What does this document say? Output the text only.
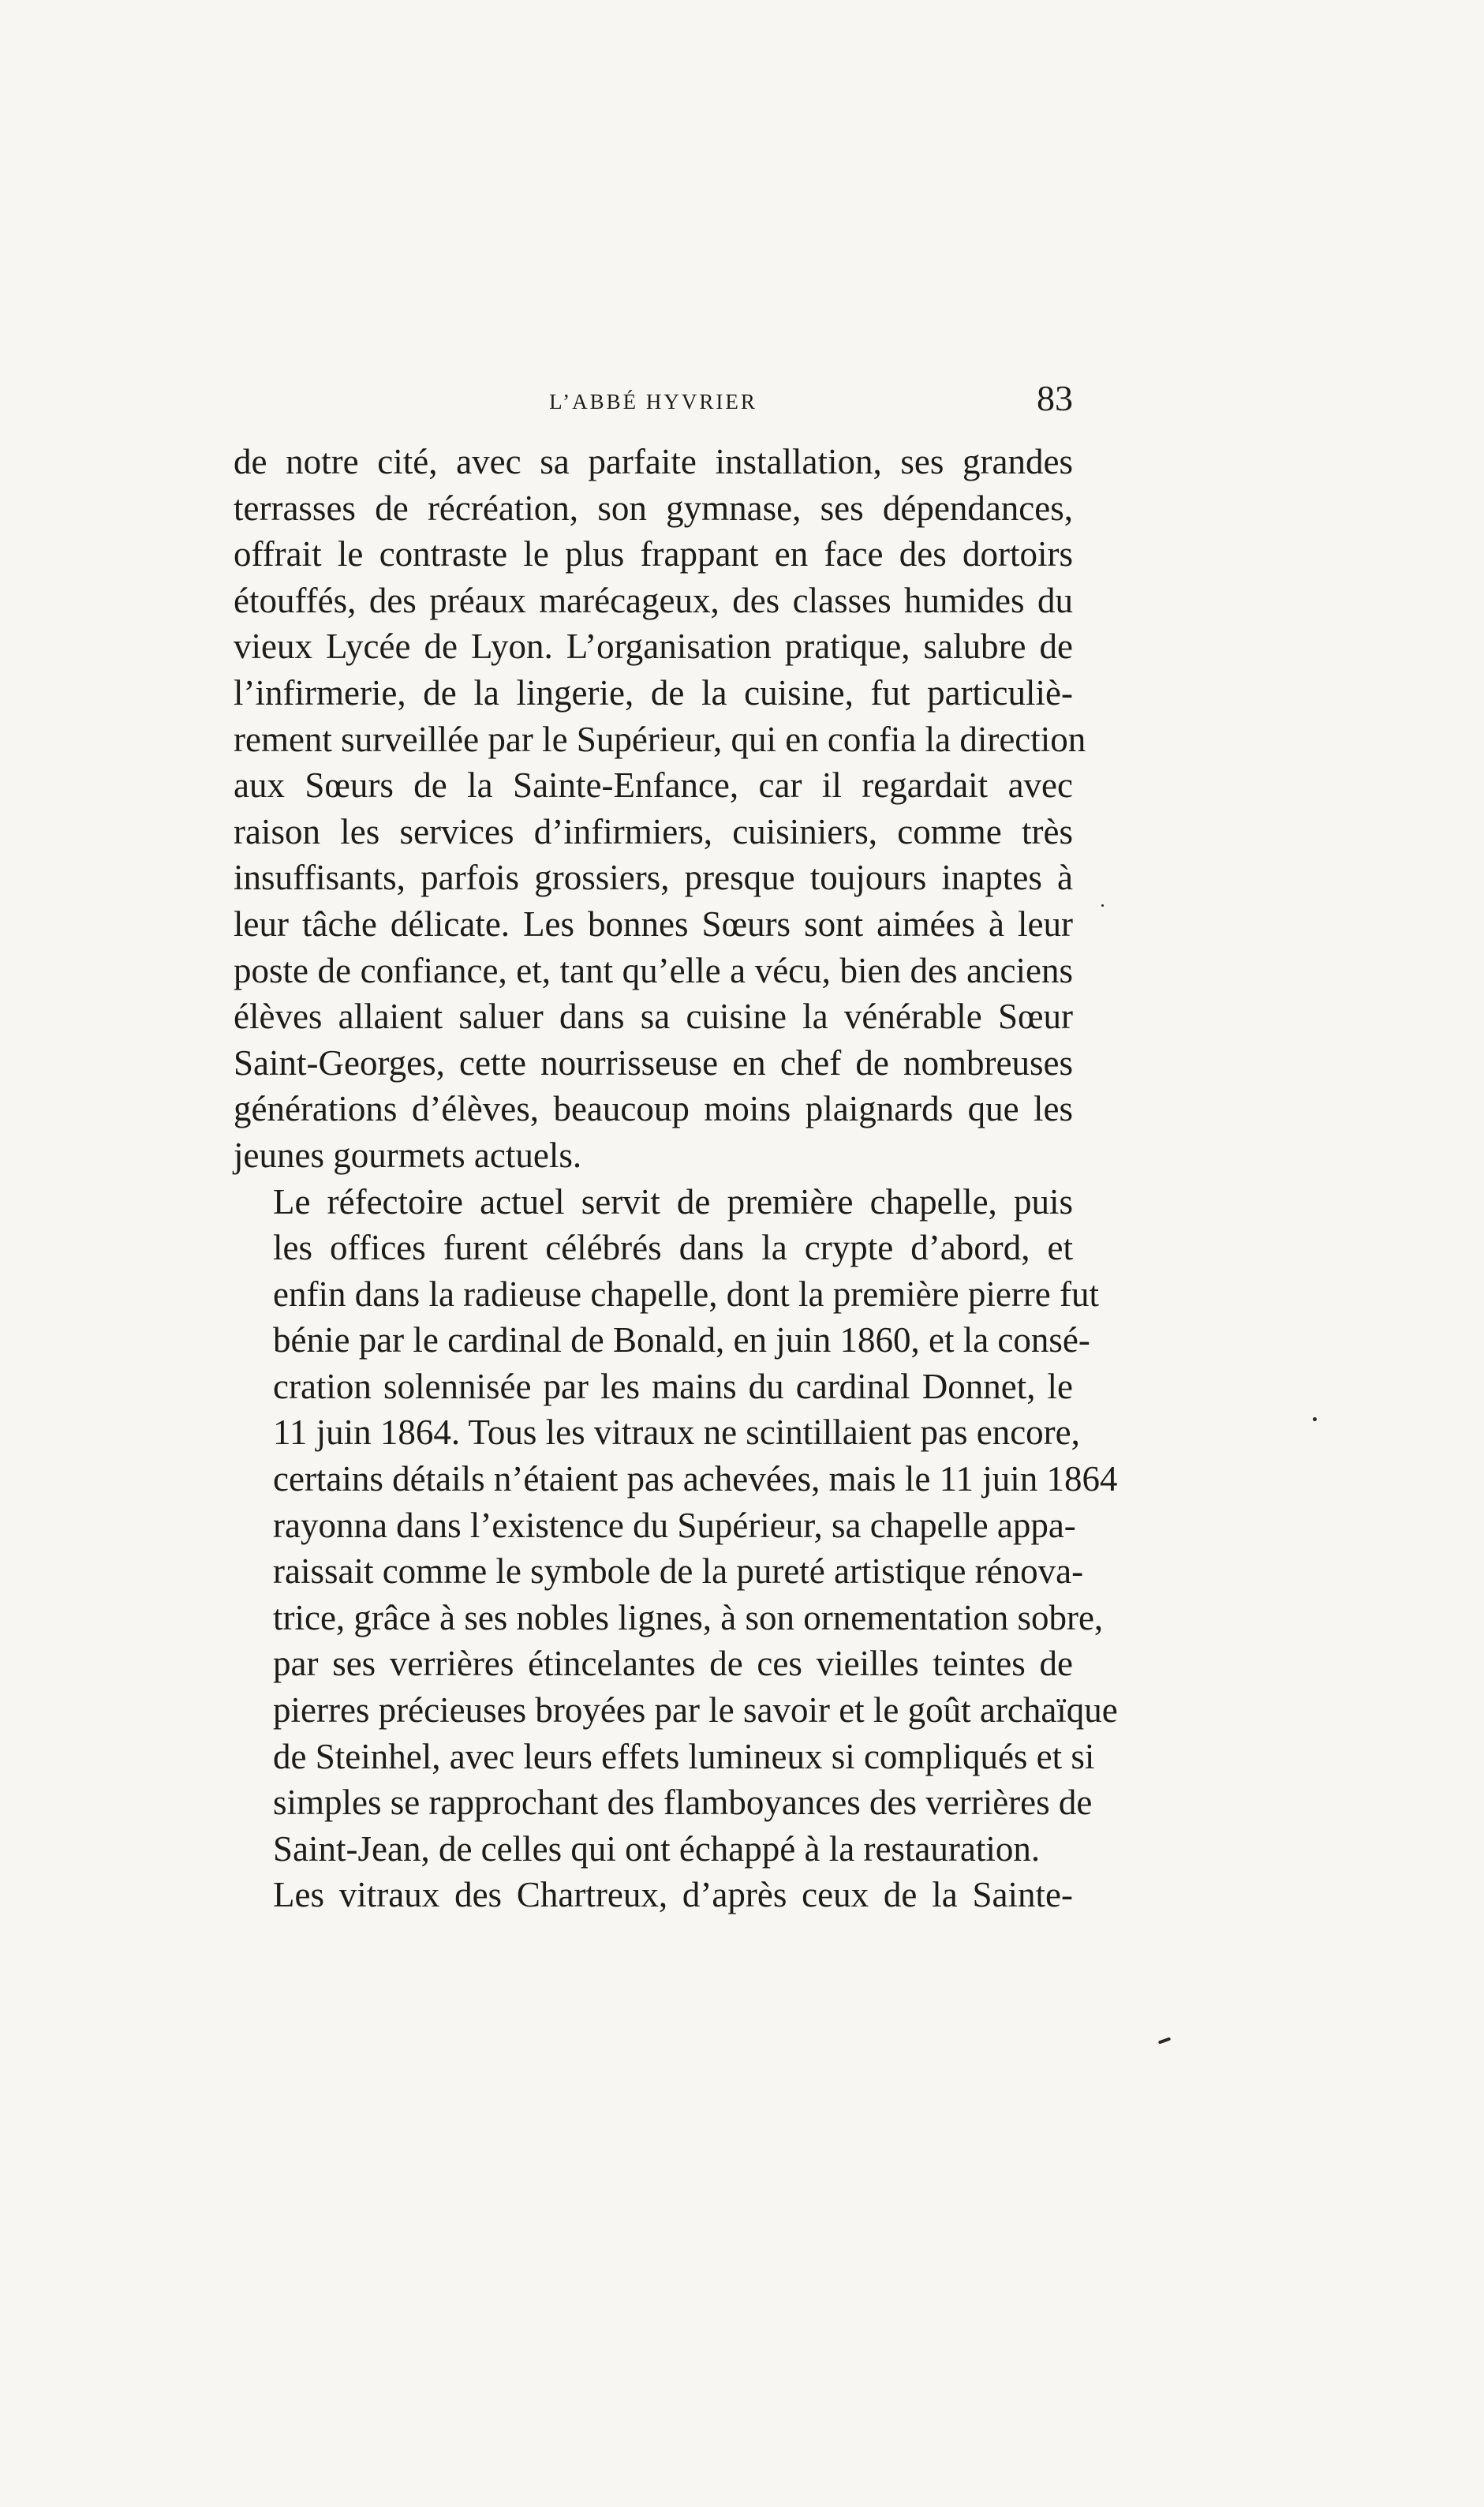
L’ABBÉ HYVRIER	83

de notre cité, avec sa parfaite installation, ses grandes
terrasses de récréation, son gymnase, ses dépendances,
offrait le contraste le plus frappant en face des dortoirs
étouffés, des préaux marécageux, des classes humides du
vieux Lycée de Lyon. L’organisation pratique, salubre de
l’infirmerie, de la lingerie, de la cuisine, fut particuliè-
rement surveillée par le Supérieur, qui en confia la direction
aux Sœurs de la Sainte-Enfance, car il regardait avec
raison les services d’infirmiers, cuisiniers, comme très
insuffisants, parfois grossiers, presque toujours inaptes à
leur tâche délicate. Les bonnes Sœurs sont aimées à leur
poste de confiance, et, tant qu’elle a vécu, bien des anciens
élèves allaient saluer dans sa cuisine la vénérable Sœur
Saint-Georges, cette nourrisseuse en chef de nombreuses
générations d’élèves, beaucoup moins plaignards que les
jeunes gourmets actuels.

Le réfectoire actuel servit de première chapelle, puis
les offices furent célébrés dans la crypte d’abord, et
enfin dans la radieuse chapelle, dont la première pierre fut
bénie par le cardinal de Bonald, en juin 1860, et la consé-
cration solennisée par les mains du cardinal Donnet, le
11 juin 1864. Tous les vitraux ne scintillaient pas encore,
certains détails n’étaient pas achevées, mais le 11 juin 1864
rayonna dans l’existence du Supérieur, sa chapelle appa-
raissait comme le symbole de la pureté artistique rénova-
trice, grâce à ses nobles lignes, à son ornementation sobre,
par ses verrières étincelantes de ces vieilles teintes de
pierres précieuses broyées par le savoir et le goût archaïque
de Steinhel, avec leurs effets lumineux si compliqués et si
simples se rapprochant des flamboyances des verrières de
Saint-Jean, de celles qui ont échappé à la restauration.

Les vitraux des Chartreux, d’après ceux de la Sainte-
